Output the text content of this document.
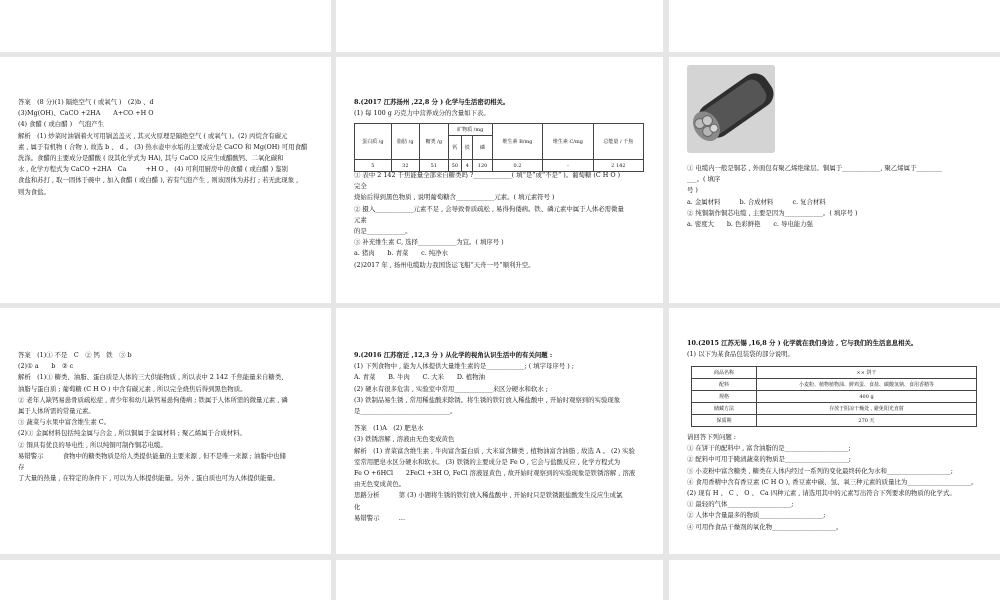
答案　(8 分)(1) 隔绝空气 ( 或氧气 )　(2)b 、d

(3)Mg(OH)、CaCO +2HA　　A+CO +H O

(4) 食醋 ( 或白醋 )　气泡产生

解析　(1) 炒菜时油锅着火可用锅盖盖灭 , 其灭火原理是隔绝空气 ( 或氧气 )。(2) 丙烷含有碳元

素 , 属于有机物 ( 合物 ), 故选 b 、 d 。 (3) 热水壶中水垢的主要成分是 CaCO 和 Mg(OH) 可用食醋

洗涤。食醋的主要成分是醋酸 ( 设其化学式为 HA), 其与 CaCO 反应生成醋酸钙、二氧化碳和

水 , 化学方程式为 CaCO +2HA　Ca　　　+H O 。 (4) 可利用厨房中的食醋 ( 或白醋 ) 鉴别

食盐和苏打 , 取一固体于碗中 , 加入食醋 ( 或白醋 ), 若有气泡产生 , 则该固体为苏打 ; 若无此现象 ,

则为食盐。

8.(2017 江苏扬州 ,22,8 分 ) 化学与生活密切相关。

(1) 每 100 g 巧克力中营养成分的含量如下表。

蛋白质 /g	脂肪 /g	糖类 /g	矿物质 /mg			维生素 B/mg	维生素 C/mg	总能量 / 千焦
			钙	铁	磷			
5	32	51	50	4	120	0.2	-	2 142

① 表中 2 142 千焦能量全部来自糖类吗 ?____________( 填“是”或“不是” )。葡萄糖 (C H O )

完全

烧始后得到黑色物质 , 说明葡萄糖含____________元素。( 填元素符号 )

② 摄入____________元素不足 , 会导致骨质疏松 , 易得佝偻病。铁、磷元素中属于人体必需微量

元素

的是____________。

③ 补充维生素 C, 选择____________为宜。( 填序号 )

a. 猪肉　　b. 青菜　　c. 纯净水

(2)2017 年 , 扬州电缆助力我国货运飞船“天舟一号”顺利升空。

① 电缆内一般是铜芯 , 外面包有聚乙烯绝缘层。铜属于____________, 聚乙烯属于________

___。( 填序

号 )

a. 金属材料　　　b. 合成材料　　　c. 复合材料

② 纯铜制作铜芯电缆 , 主要是因为____________。( 填序号 )

a. 密度大　　b. 色彩鲜艳　　c. 导电能力强

答案　(1)① 不是　C　② 钙　铁　③ b

(2)① a　　b　② c

解析　(1)① 糖类、油脂、蛋白质是人体的三大供能物质 , 所以表中 2 142 千焦能量来自糖类、

油脂与蛋白质 ; 葡萄糖 (C H O ) 中含有碳元素 , 所以完全烧焦后得到黑色物质。

② 老年人缺钙易患骨质疏松症 , 青少年和幼儿缺钙易患佝偻病 ; 铁属于人体所需的微量元素 , 磷

属于人体所需的常量元素。

③ 蔬菜与水果中富含维生素 C。

(2)① 金属材料包括纯金属与合金 , 所以铜属于金属材料 ; 聚乙烯属于合成材料。

② 铜具有优良的导电性 , 所以纯铜可制作铜芯电缆。

易错警示　　　食物中的糖类物质是给人类提供能量的主要来源 , 但不是唯一来源 ; 油脂中也储

存

了大量的热量 , 在特定的条件下 , 可以为人体提供能量。另外 , 蛋白质也可为人体提供能量。

9.(2016 江苏宿迁 ,12,3 分 ) 从化学的视角认识生活中的有关问题 :

(1) 下列食物中 , 能为人体提供大量维生素的是____________; ( 填字母序号 ) ;

A. 青菜　　B. 牛肉　　C. 大米　　D. 植物油

(2) 硬水有很多危害 , 实验室中常用____________来区分硬水和软水 ;

(3) 铁制品易生锈 , 常用稀盐酸来除锈。将生锈的铁钉放入稀盐酸中 , 开始时观察到的实验现象

是____________________________。

答案　(1)A　(2) 肥皂水

(3) 铁锈溶解 , 溶液由无色变成黄色

解析　(1) 青菜富含维生素 , 牛肉富含蛋白质 , 大米富含糖类 , 植物油富含油脂 , 故选 A 。 (2) 实验

室常用肥皂水区分硬水和软水。 (3) 铁锈的主要成分是 Fe O , 它会与盐酸反应 , 化学方程式为

Fe O +6HCl　　2FeCl +3H O, FeCl 溶液显黄色 , 故开始时观察到的实验现象是铁锈溶解 , 溶液

由无色变成黄色。

思路分析　　　第 (3) 小题将生锈的铁钉放入稀盐酸中 , 开始时只是铁锈跟盐酸发生反应生成氯

化

易错警示　　　…

10.(2015 江苏无锡 ,16,8 分 ) 化学就在我们身边 , 它与我们的生活息息相关。

(1) 以下为某食品包装袋的部分说明。

商品名称	×× 饼干
配料	小麦粉、植物植物油、鲜鸡蛋、食盐、碳酸氢钠、食用香精等
规格	400 g
储藏方法	存放于阴凉干燥处 , 避免阳光直射
保质期	270 天

请回答下列问题 :

① 在饼干的配料中 , 富含油脂的是____________________;

② 配料中可用于腌渍蔬菜的物质是____________________;

③ 小麦粉中富含糖类 , 糖类在人体内经过一系列的变化最终转化为水和____________________;

④ 食用香精中含有香豆素 (C H O ), 香豆素中碳、氢、氧三种元素的质量比为____________________。

(2) 现有 H 、 C 、 O 、 Ca 四种元素 , 请选用其中的元素写出符合下列要求的物质的化学式。

① 最轻的气体____________________;

② 人体中含量最多的物质____________________;

④ 可用作食品干燥剂的氧化物____________________。
